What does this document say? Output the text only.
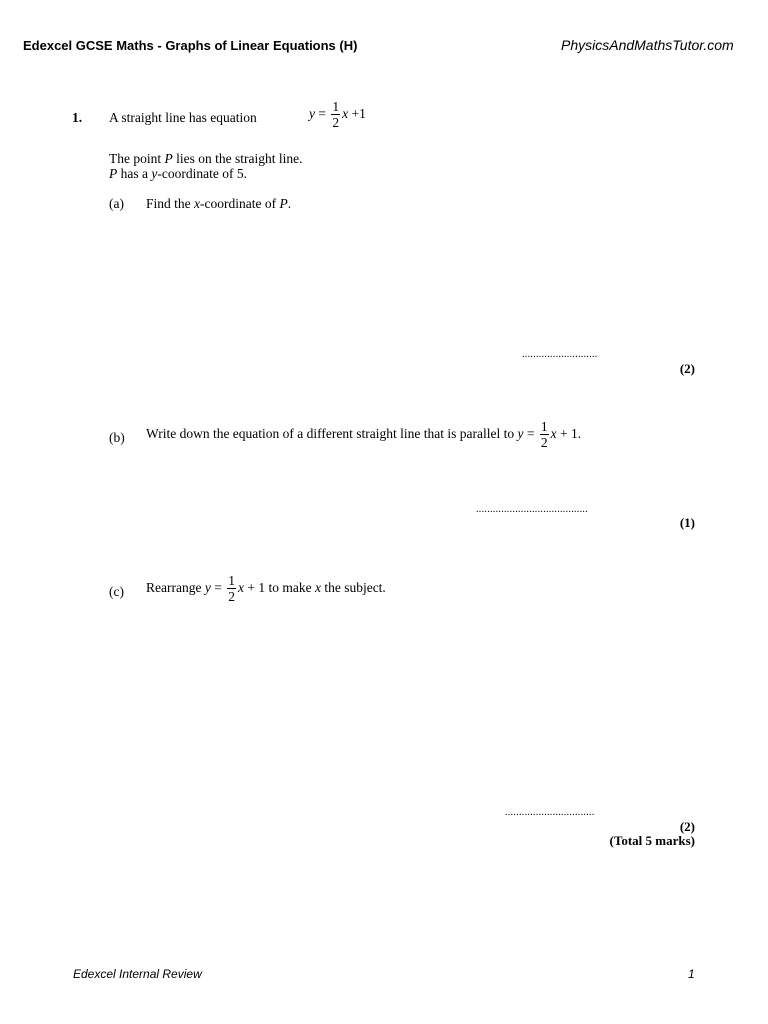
Edexcel GCSE Maths - Graphs of Linear Equations (H)	PhysicsAndMathsTutor.com
1. A straight line has equation	$y = \frac{1}{2}$ x +1
The point P lies on the straight line.
P has a y-coordinate of 5.
(a) Find the x-coordinate of P.
...........................
(2)
(b) Write down the equation of a different straight line that is parallel to $y = \frac{1}{2}$ x + 1.
........................................
(1)
(c) Rearrange $y = \frac{1}{2}$ x + 1 to make x the subject.
................................
(2)
(Total 5 marks)
Edexcel Internal Review	1
